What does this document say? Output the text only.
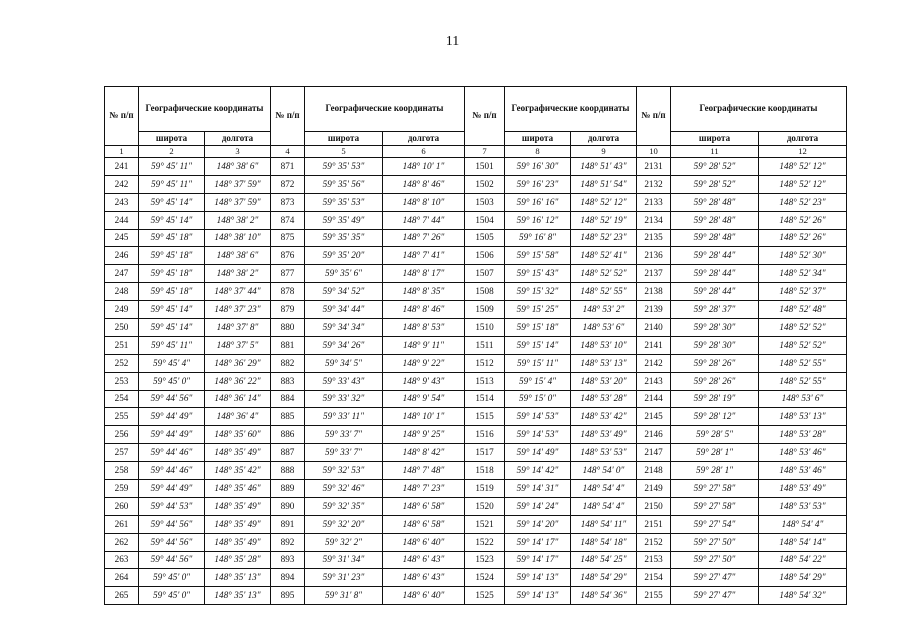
11
№ п/п	Географические координаты		№ п/п	Географические координаты		№ п/п	Географические координаты		№ п/п	Географические координаты	
	широта	долгота		широта	долгота		широта	долгота		широта	долгота
1	2	3	4	5	6	7	8	9	10	11	12
241	59° 45' 11"	148° 38' 6"	871	59° 35' 53"	148° 10' 1"	1501	59° 16' 30"	148° 51' 43"	2131	59° 28' 52"	148° 52' 12"
242	59° 45' 11"	148° 37' 59"	872	59° 35' 56"	148° 8' 46"	1502	59° 16' 23"	148° 51' 54"	2132	59° 28' 52"	148° 52' 12"
243	59° 45' 14"	148° 37' 59"	873	59° 35' 53"	148° 8' 10"	1503	59° 16' 16"	148° 52' 12"	2133	59° 28' 48"	148° 52' 23"
244	59° 45' 14"	148° 38' 2"	874	59° 35' 49"	148° 7' 44"	1504	59° 16' 12"	148° 52' 19"	2134	59° 28' 48"	148° 52' 26"
245	59° 45' 18"	148° 38' 10"	875	59° 35' 35"	148° 7' 26"	1505	59° 16' 8"	148° 52' 23"	2135	59° 28' 48"	148° 52' 26"
246	59° 45' 18"	148° 38' 6"	876	59° 35' 20"	148° 7' 41"	1506	59° 15' 58"	148° 52' 41"	2136	59° 28' 44"	148° 52' 30"
247	59° 45' 18"	148° 38' 2"	877	59° 35' 6"	148° 8' 17"	1507	59° 15' 43"	148° 52' 52"	2137	59° 28' 44"	148° 52' 34"
248	59° 45' 18"	148° 37' 44"	878	59° 34' 52"	148° 8' 35"	1508	59° 15' 32"	148° 52' 55"	2138	59° 28' 44"	148° 52' 37"
249	59° 45' 14"	148° 37' 23"	879	59° 34' 44"	148° 8' 46"	1509	59° 15' 25"	148° 53' 2"	2139	59° 28' 37"	148° 52' 48"
250	59° 45' 14"	148° 37' 8"	880	59° 34' 34"	148° 8' 53"	1510	59° 15' 18"	148° 53' 6"	2140	59° 28' 30"	148° 52' 52"
251	59° 45' 11"	148° 37' 5"	881	59° 34' 26"	148° 9' 11"	1511	59° 15' 14"	148° 53' 10"	2141	59° 28' 30"	148° 52' 52"
252	59° 45' 4"	148° 36' 29"	882	59° 34' 5"	148° 9' 22"	1512	59° 15' 11"	148° 53' 13"	2142	59° 28' 26"	148° 52' 55"
253	59° 45' 0"	148° 36' 22"	883	59° 33' 43"	148° 9' 43"	1513	59° 15' 4"	148° 53' 20"	2143	59° 28' 26"	148° 52' 55"
254	59° 44' 56"	148° 36' 14"	884	59° 33' 32"	148° 9' 54"	1514	59° 15' 0"	148° 53' 28"	2144	59° 28' 19"	148° 53' 6"
255	59° 44' 49"	148° 36' 4"	885	59° 33' 11"	148° 10' 1"	1515	59° 14' 53"	148° 53' 42"	2145	59° 28' 12"	148° 53' 13"
256	59° 44' 49"	148° 35' 60"	886	59° 33' 7"	148° 9' 25"	1516	59° 14' 53"	148° 53' 49"	2146	59° 28' 5"	148° 53' 28"
257	59° 44' 46"	148° 35' 49"	887	59° 33' 7"	148° 8' 42"	1517	59° 14' 49"	148° 53' 53"	2147	59° 28' 1"	148° 53' 46"
258	59° 44' 46"	148° 35' 42"	888	59° 32' 53"	148° 7' 48"	1518	59° 14' 42"	148° 54' 0"	2148	59° 28' 1"	148° 53' 46"
259	59° 44' 49"	148° 35' 46"	889	59° 32' 46"	148° 7' 23"	1519	59° 14' 31"	148° 54' 4"	2149	59° 27' 58"	148° 53' 49"
260	59° 44' 53"	148° 35' 49"	890	59° 32' 35"	148° 6' 58"	1520	59° 14' 24"	148° 54' 4"	2150	59° 27' 58"	148° 53' 53"
261	59° 44' 56"	148° 35' 49"	891	59° 32' 20"	148° 6' 58"	1521	59° 14' 20"	148° 54' 11"	2151	59° 27' 54"	148° 54' 4"
262	59° 44' 56"	148° 35' 49"	892	59° 32' 2"	148° 6' 40"	1522	59° 14' 17"	148° 54' 18"	2152	59° 27' 50"	148° 54' 14"
263	59° 44' 56"	148° 35' 28"	893	59° 31' 34"	148° 6' 43"	1523	59° 14' 17"	148° 54' 25"	2153	59° 27' 50"	148° 54' 22"
264	59° 45' 0"	148° 35' 13"	894	59° 31' 23"	148° 6' 43"	1524	59° 14' 13"	148° 54' 29"	2154	59° 27' 47"	148° 54' 29"
265	59° 45' 0"	148° 35' 13"	895	59° 31' 8"	148° 6' 40"	1525	59° 14' 13"	148° 54' 36"	2155	59° 27' 47"	148° 54' 32"
